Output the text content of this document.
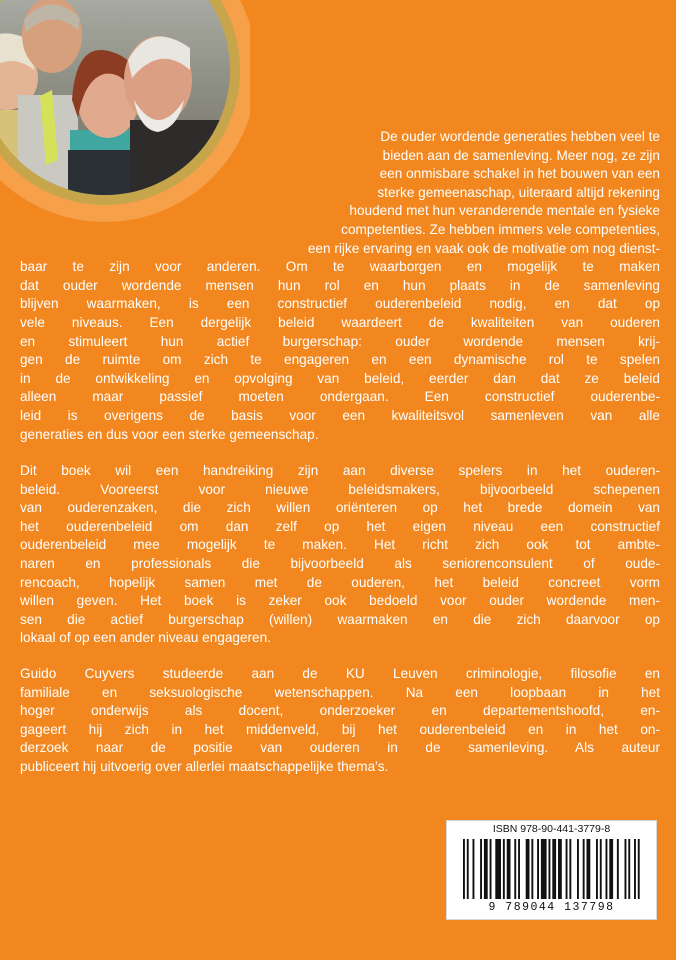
De ouder wordende generaties hebben veel te
bieden aan de samenleving. Meer nog, ze zijn
een onmisbare schakel in het bouwen van een
sterke gemeenaschap, uiteraard altijd rekening
houdend met hun veranderende mentale en fysieke
competenties. Ze hebben immers vele competenties,
een rijke ervaring en vaak ook de motivatie om nog dienst-
baar te zijn voor anderen. Om te waarborgen en mogelijk te maken
dat ouder wordende mensen hun rol en hun plaats in de samenleving
blijven waarmaken, is een constructief ouderenbeleid nodig, en dat op
vele niveaus. Een dergelijk beleid waardeert de kwaliteiten van ouderen
en stimuleert hun actief burgerschap: ouder wordende mensen krij-
gen de ruimte om zich te engageren en een dynamische rol te spelen
in de ontwikkeling en opvolging van beleid, eerder dan dat ze beleid
alleen maar passief moeten ondergaan. Een constructief ouderenbe-
leid is overigens de basis voor een kwaliteitsvol samenleven van alle
generaties en dus voor een sterke gemeenschap.
Dit boek wil een handreiking zijn aan diverse spelers in het ouderen-
beleid. Vooreerst voor nieuwe beleidsmakers, bijvoorbeeld schepenen
van ouderenzaken, die zich willen oriënteren op het brede domein van
het ouderenbeleid om dan zelf op het eigen niveau een constructief
ouderenbeleid mee mogelijk te maken. Het richt zich ook tot ambte-
naren en professionals die bijvoorbeeld als seniorenconsulent of oude-
rencoach, hopelijk samen met de ouderen, het beleid concreet vorm
willen geven. Het boek is zeker ook bedoeld voor ouder wordende men-
sen die actief burgerschap (willen) waarmaken en die zich daarvoor op
lokaal of op een ander niveau engageren.
Guido Cuyvers studeerde aan de KU Leuven criminologie, filosofie en
familiale en seksuologische wetenschappen. Na een loopbaan in het
hoger onderwijs als docent, onderzoeker en departementshoofd, en-
gageert hij zich in het middenveld, bij het ouderenbeleid en in het on-
derzoek naar de positie van ouderen in de samenleving. Als auteur
publiceert hij uitvoerig over allerlei maatschappelijke thema's.
ISBN 978-90-441-3779-8
9 789044 137798
